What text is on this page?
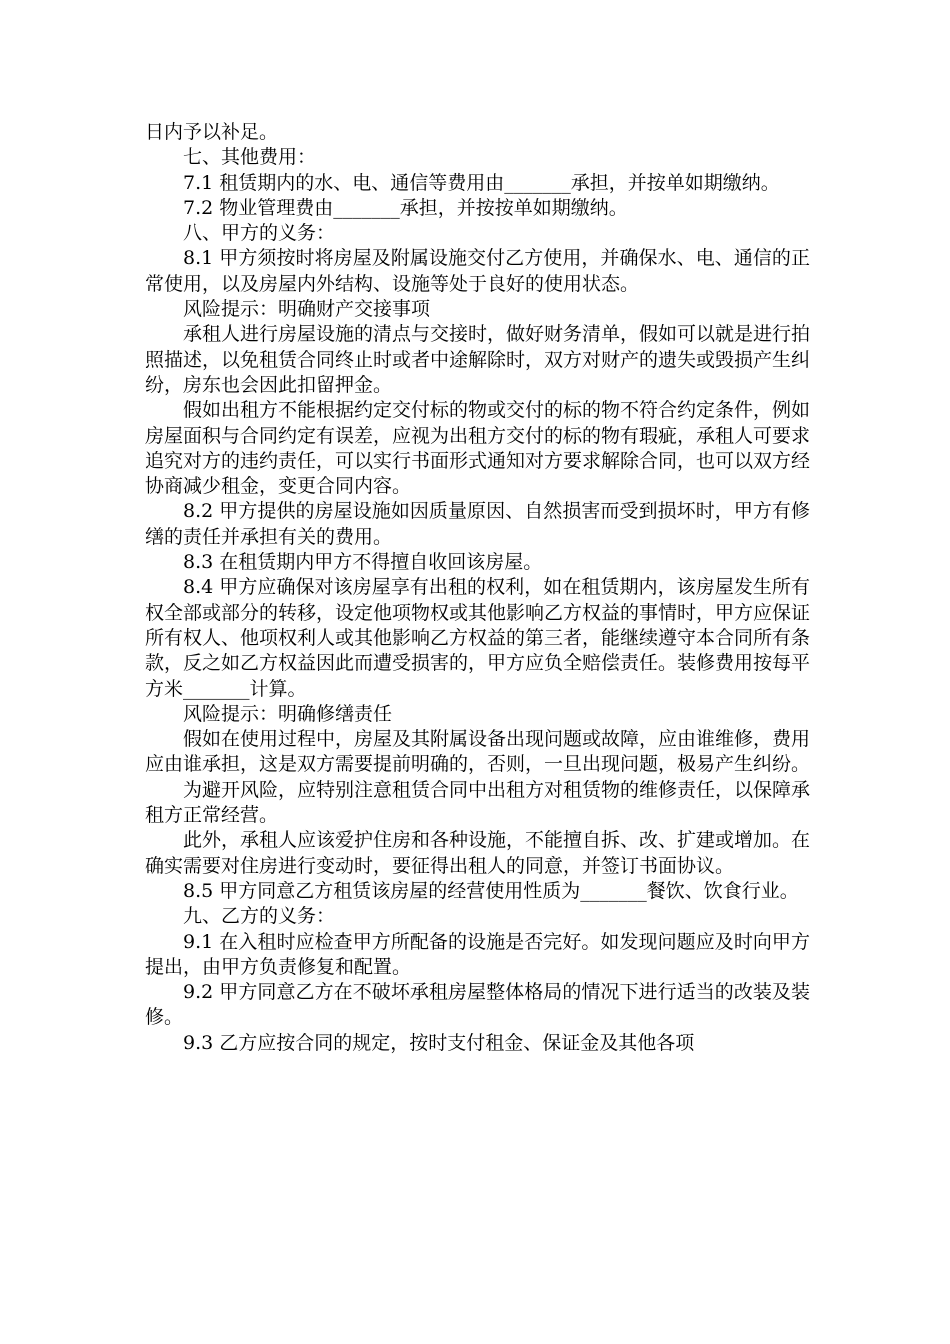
日内予以补足。

七、其他费用：

7.1 租赁期内的水、电、通信等费用由_______承担，并按单如期缴纳。

7.2 物业管理费由_______承担，并按按单如期缴纳。

八、甲方的义务：

8.1 甲方须按时将房屋及附属设施交付乙方使用，并确保水、电、通信的正常使用，以及房屋内外结构、设施等处于良好的使用状态。

风险提示：明确财产交接事项

承租人进行房屋设施的清点与交接时，做好财务清单，假如可以就是进行拍照描述，以免租赁合同终止时或者中途解除时，双方对财产的遗失或毁损产生纠纷，房东也会因此扣留押金。

假如出租方不能根据约定交付标的物或交付的标的物不符合约定条件，例如房屋面积与合同约定有误差，应视为出租方交付的标的物有瑕疵，承租人可要求追究对方的违约责任，可以实行书面形式通知对方要求解除合同，也可以双方经协商减少租金，变更合同内容。

8.2 甲方提供的房屋设施如因质量原因、自然损害而受到损坏时，甲方有修缮的责任并承担有关的费用。

8.3 在租赁期内甲方不得擅自收回该房屋。

8.4 甲方应确保对该房屋享有出租的权利，如在租赁期内，该房屋发生所有权全部或部分的转移，设定他项物权或其他影响乙方权益的事情时，甲方应保证所有权人、他项权利人或其他影响乙方权益的第三者，能继续遵守本合同所有条款，反之如乙方权益因此而遭受损害的，甲方应负全赔偿责任。装修费用按每平方米_______计算。

风险提示：明确修缮责任

假如在使用过程中，房屋及其附属设备出现问题或故障，应由谁维修，费用应由谁承担，这是双方需要提前明确的，否则，一旦出现问题，极易产生纠纷。

为避开风险，应特别注意租赁合同中出租方对租赁物的维修责任，以保障承租方正常经营。

此外，承租人应该爱护住房和各种设施，不能擅自拆、改、扩建或增加。在确实需要对住房进行变动时，要征得出租人的同意，并签订书面协议。

8.5 甲方同意乙方租赁该房屋的经营使用性质为_______餐饮、饮食行业。

九、乙方的义务：

9.1 在入租时应检查甲方所配备的设施是否完好。如发现问题应及时向甲方提出，由甲方负责修复和配置。

9.2 甲方同意乙方在不破坏承租房屋整体格局的情况下进行适当的改装及装修。

9.3 乙方应按合同的规定，按时支付租金、保证金及其他各项
